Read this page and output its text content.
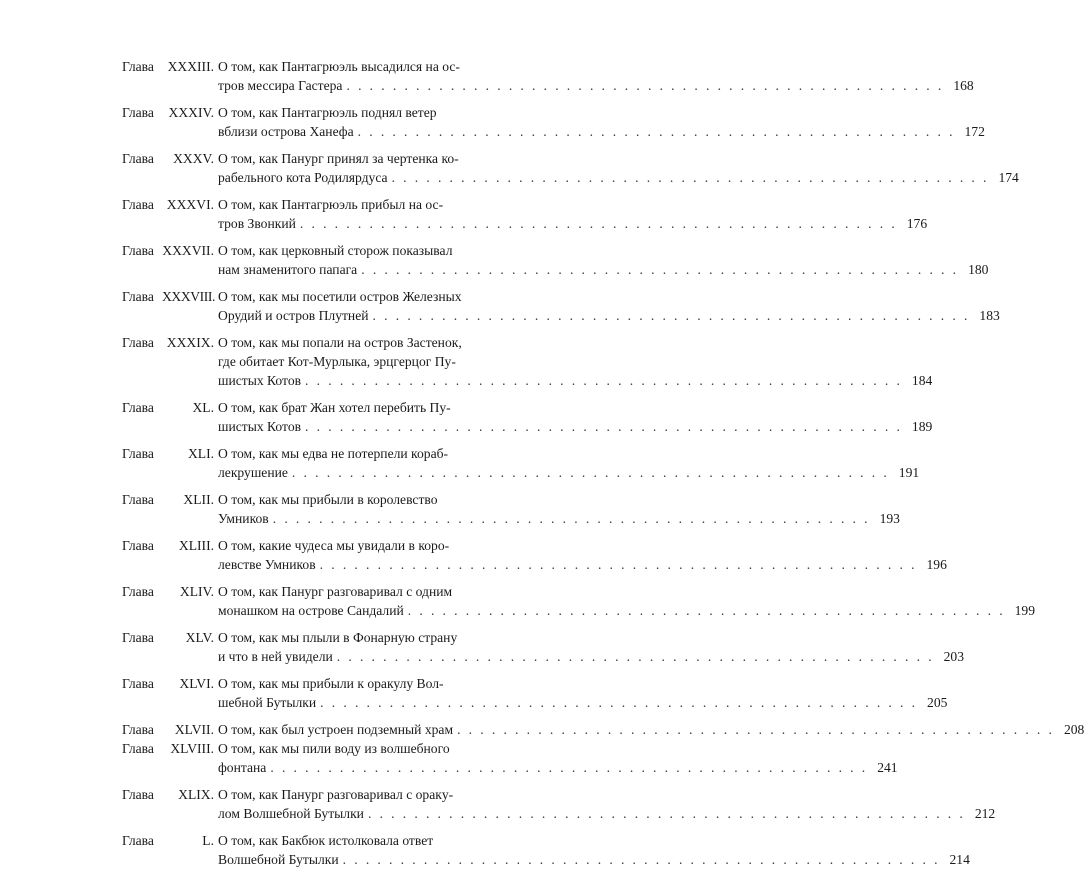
Глава	XXXIII. О том, как Пантагрюэль высадился на ос-
тров мессира Гастера . . .	168
Глава	XXXIV. О том, как Пантагрюэль поднял ветер
вблизи острова Ханефа . . .	172
Глава	XXXV. О том, как Панург принял за чертенка ко-
рабельного кота Родилярдуса . . .	174
Глава XXXVI. О том, как Пантагрюэль прибыл на ос-
тров Звонкий . . .	176
Глава XXXVII. О том, как церковный сторож показывал
нам знаменитого папага . . .	180
Глава XXXVIII. О том, как мы посетили остров Железных
Орудий и остров Плутней . . .	183
Глава XXXIX. О том, как мы попали на остров Застенок,
где обитает Кот-Мурлыка, эрцгерцог Пу-
шистых Котов . . .	184
Глава	XL. О том, как брат Жан хотел перебить Пу-
шистых Котов . . .	189
Глава	XLI. О том, как мы едва не потерпели кораб-
лекрушение . . .	191
Глава	XLII. О том, как мы прибыли в королевство
Умников . . .	193
Глава	XLIII. О том, какие чудеса мы увидали в коро-
левстве Умников . . .	196
Глава	XLIV. О том, как Панург разговаривал с одним
монашком на острове Сандалий . . .	199
Глава	XLV. О том, как мы плыли в Фонарную страну
и что в ней увидели . . .	203
Глава	XLVI. О том, как мы прибыли к оракулу Вол-
шебной Бутылки . . .	205
Глава	XLVII. О том, как был устроен подземный храм . . .	208
Глава	XLVIII. О том, как мы пили воду из волшебного
фонтана . . .	241
Глава	XLIX. О том, как Панург разговаривал с оракy-
лом Волшебной Бутылки . . .	212
Глава	L. О том, как Бакбюк истолковала ответ
Волшебной Бутылки . . .	214
